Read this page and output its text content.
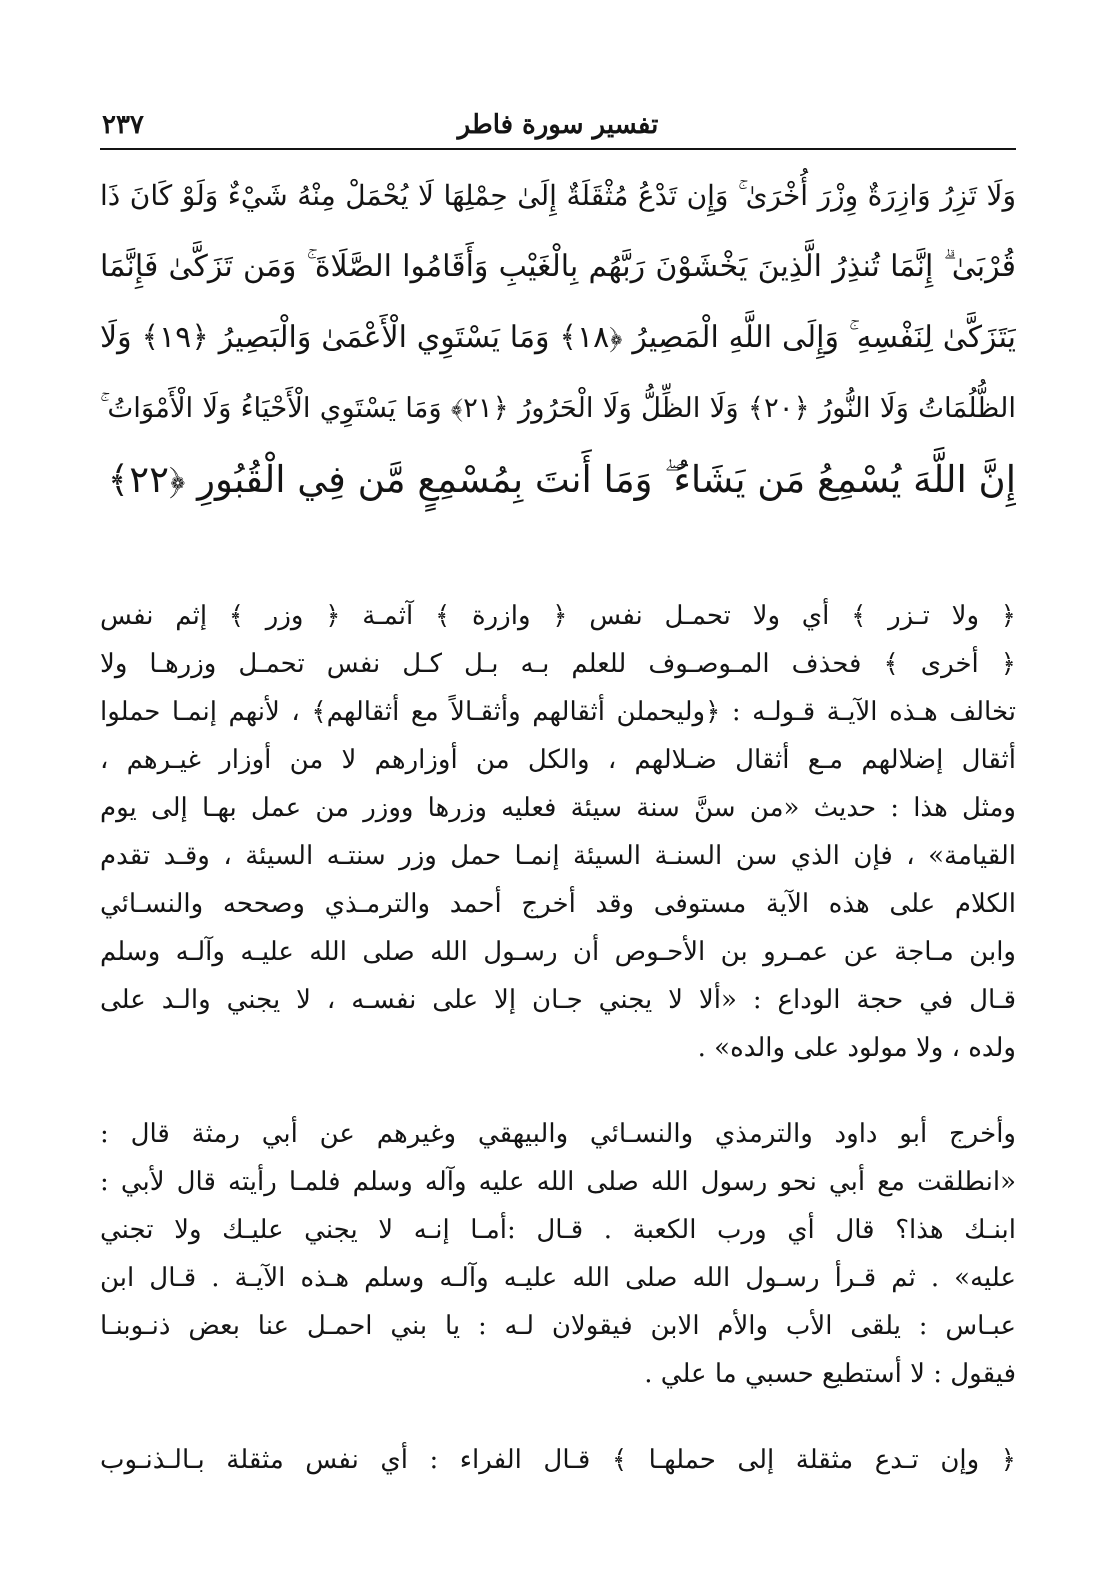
تفسير سورة فاطر
٢٣٧
وَلَا تَزِرُ وَازِرَةٌ وِزْرَ أُخْرَىٰ ۚ وَإِن تَدْعُ مُثْقَلَةٌ إِلَىٰ حِمْلِهَا لَا يُحْمَلْ مِنْهُ شَيْءٌ وَلَوْ كَانَ ذَا
قُرْبَىٰ ۗ إِنَّمَا تُنذِرُ الَّذِينَ يَخْشَوْنَ رَبَّهُم بِالْغَيْبِ وَأَقَامُوا الصَّلَاةَ ۚ وَمَن تَزَكَّىٰ فَإِنَّمَا
يَتَزَكَّىٰ لِنَفْسِهِ ۚ وَإِلَى اللَّهِ الْمَصِيرُ ﴿١٨﴾ وَمَا يَسْتَوِي الْأَعْمَىٰ وَالْبَصِيرُ ﴿١٩﴾ وَلَا
الظُّلُمَاتُ وَلَا النُّورُ ﴿٢٠﴾ وَلَا الظِّلُّ وَلَا الْحَرُورُ ﴿٢١﴾ وَمَا يَسْتَوِي الْأَحْيَاءُ وَلَا الْأَمْوَاتُ ۚ
إِنَّ اللَّهَ يُسْمِعُ مَن يَشَاءُ ۖ وَمَا أَنتَ بِمُسْمِعٍ مَّن فِي الْقُبُورِ ﴿٢٢﴾
﴿ ولا تـزر ﴾ أي ولا تحمـل نفس ﴿ وازرة ﴾ آثمـة ﴿ وزر ﴾ إثم نفس
﴿ أخرى ﴾ فحذف المـوصـوف للعلم بـه بـل كـل نفس تحمـل وزرهـا ولا
تخالف هـذه الآيـة قـولـه : ﴿وليحملن أثقالهم وأثقـالاً مع أثقالهم﴾ ، لأنهم إنمـا حملوا
أثقال إضلالهم مـع أثقال ضـلالهم ، والكل من أوزارهم لا من أوزار غيـرهم ،
ومثل هذا : حديث «من سنَّ سنة سيئة فعليه وزرها ووزر من عمل بهـا إلى يوم
القيامة» ، فإن الذي سن السنـة السيئة إنمـا حمل وزر سنتـه السيئة ، وقـد تقدم
الكلام على هذه الآية مستوفى وقد أخرج أحمد والترمـذي وصححه والنسـائي
وابن مـاجة عن عمـرو بن الأحـوص أن رسـول الله صلى الله عليـه وآلـه وسلم
قـال في حجة الوداع : «ألا لا يجني جـان إلا على نفسـه ، لا يجني والـد على
ولده ، ولا مولود على والده» .
وأخرج أبو داود والترمذي والنسـائي والبيهقي وغيرهم عن أبي رمثة قال :
«انطلقت مع أبي نحو رسول الله صلى الله عليه وآله وسلم فلمـا رأيته قال لأبي :
ابنـك هذا؟ قال أي ورب الكعبة . قـال :أمـا إنـه لا يجني عليـك ولا تجني
عليه» . ثم قـرأ رسـول الله صلى الله عليـه وآلـه وسلم هـذه الآيـة . قـال ابن
عبـاس : يلقى الأب والأم الابن فيقولان لـه : يا بني احمـل عنا بعض ذنـوبنـا
فيقول : لا أستطيع حسبي ما علي .
﴿ وإن تـدع مثقلة إلى حملهـا ﴾ قـال الفراء : أي نفس مثقلة بـالـذنـوب
